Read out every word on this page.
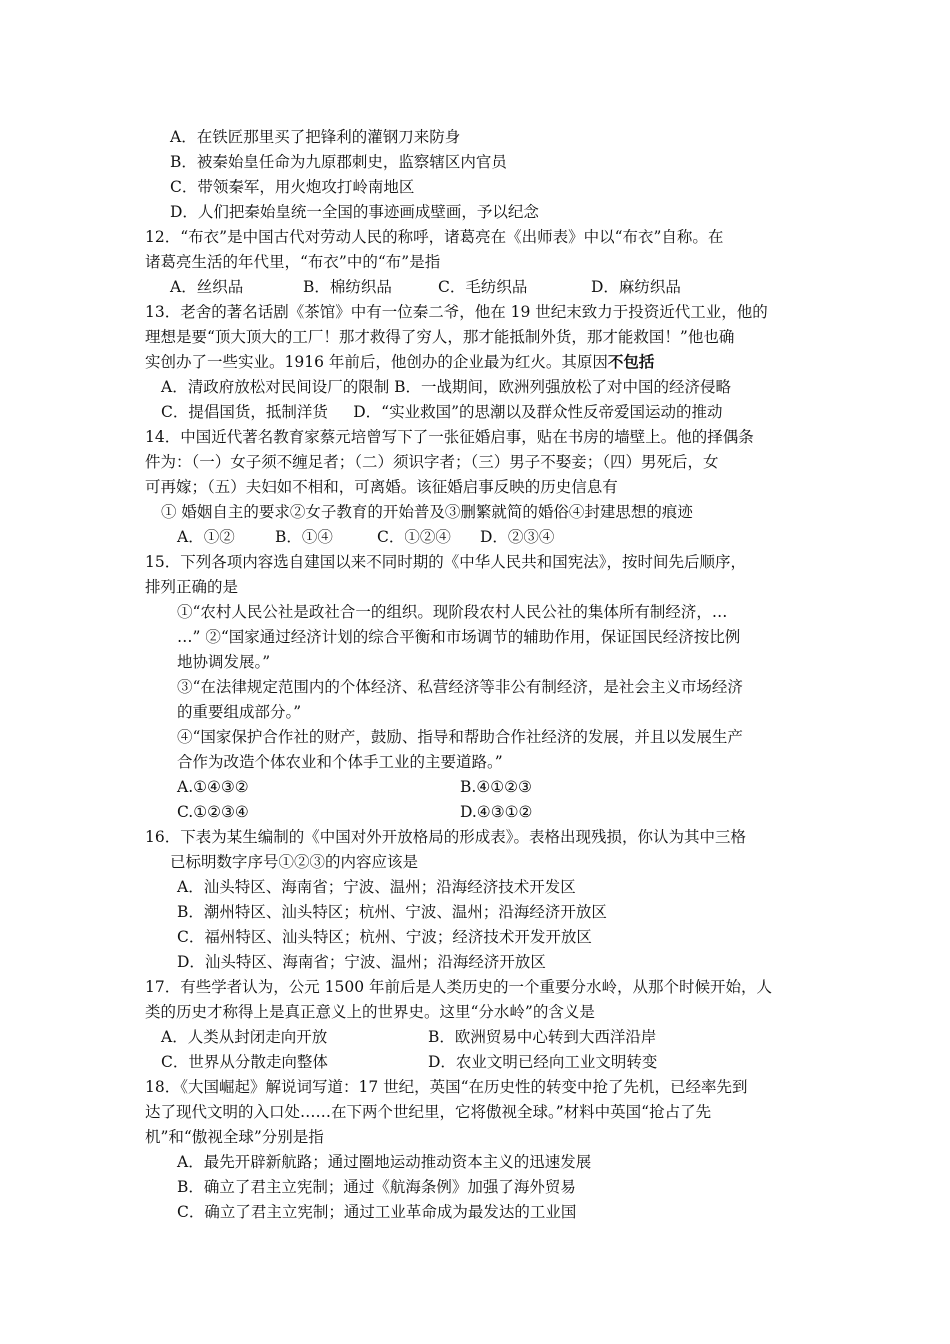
A．在铁匠那里买了把锋利的灌钢刀来防身
B．被秦始皇任命为九原郡刺史，监察辖区内官员
C．带领秦军，用火炮攻打岭南地区
D．人们把秦始皇统一全国的事迹画成壁画，予以纪念
12．“布衣”是中国古代对劳动人民的称呼，诸葛亮在《出师表》中以“布衣”自称。在
诸葛亮生活的年代里，“布衣”中的“布”是指
A．丝织品	B．棉纺织品	C．毛纺织品	D．麻纺织品
13．老舍的著名话剧《茶馆》中有一位秦二爷，他在 19 世纪末致力于投资近代工业，他的
理想是要“顶大顶大的工厂！那才救得了穷人，那才能抵制外货，那才能救国！”他也确
实创办了一些实业。1916 年前后，他创办的企业最为红火。其原因不包括
A．清政府放松对民间设厂的限制 B．一战期间，欧洲列强放松了对中国的经济侵略
C．提倡国货，抵制洋货 　 D．“实业救国”的思潮以及群众性反帝爱国运动的推动
14．中国近代著名教育家蔡元培曾写下了一张征婚启事，贴在书房的墙壁上。他的择偶条
件为：（一）女子须不缠足者；（二）须识字者；（三）男子不娶妾；（四）男死后，女
可再嫁；（五）夫妇如不相和，可离婚。该征婚启事反映的历史信息有
① 婚姻自主的要求②女子教育的开始普及③删繁就简的婚俗④封建思想的痕迹
A．①②	B．①④	C．①②④ D．②③④
15．下列各项内容选自建国以来不同时期的《中华人民共和国宪法》，按时间先后顺序，
排列正确的是
①“农村人民公社是政社合一的组织。现阶段农村人民公社的集体所有制经济，…
…” ②“国家通过经济计划的综合平衡和市场调节的辅助作用，保证国民经济按比例
地协调发展。”
③“在法律规定范围内的个体经济、私营经济等非公有制经济，是社会主义市场经济
的重要组成部分。”
④“国家保护合作社的财产，鼓励、指导和帮助合作社经济的发展，并且以发展生产
合作为改造个体农业和个体手工业的主要道路。”
A.①④③②	B.④①②③
C.①②③④	D.④③①②
16．下表为某生编制的《中国对外开放格局的形成表》。表格出现残损，你认为其中三格
已标明数字序号①②③的内容应该是
A．汕头特区、海南省；宁波、温州；沿海经济技术开发区
B．潮州特区、汕头特区；杭州、宁波、温州；沿海经济开放区
C．福州特区、汕头特区；杭州、宁波；经济技术开发开放区
D．汕头特区、海南省；宁波、温州；沿海经济开放区
17．有些学者认为，公元 1500 年前后是人类历史的一个重要分水岭，从那个时候开始，人
类的历史才称得上是真正意义上的世界史。这里“分水岭”的含义是
A．人类从封闭走向开放	B．欧洲贸易中心转到大西洋沿岸
C．世界从分散走向整体	D．农业文明已经向工业文明转变
18．《大国崛起》解说词写道：17 世纪，英国“在历史性的转变中抢了先机，已经率先到
达了现代文明的入口处……在下两个世纪里，它将傲视全球。”材料中英国“抢占了先
机”和“傲视全球”分别是指
A．最先开辟新航路；通过圈地运动推动资本主义的迅速发展
B．确立了君主立宪制；通过《航海条例》加强了海外贸易
C．确立了君主立宪制；通过工业革命成为最发达的工业国
